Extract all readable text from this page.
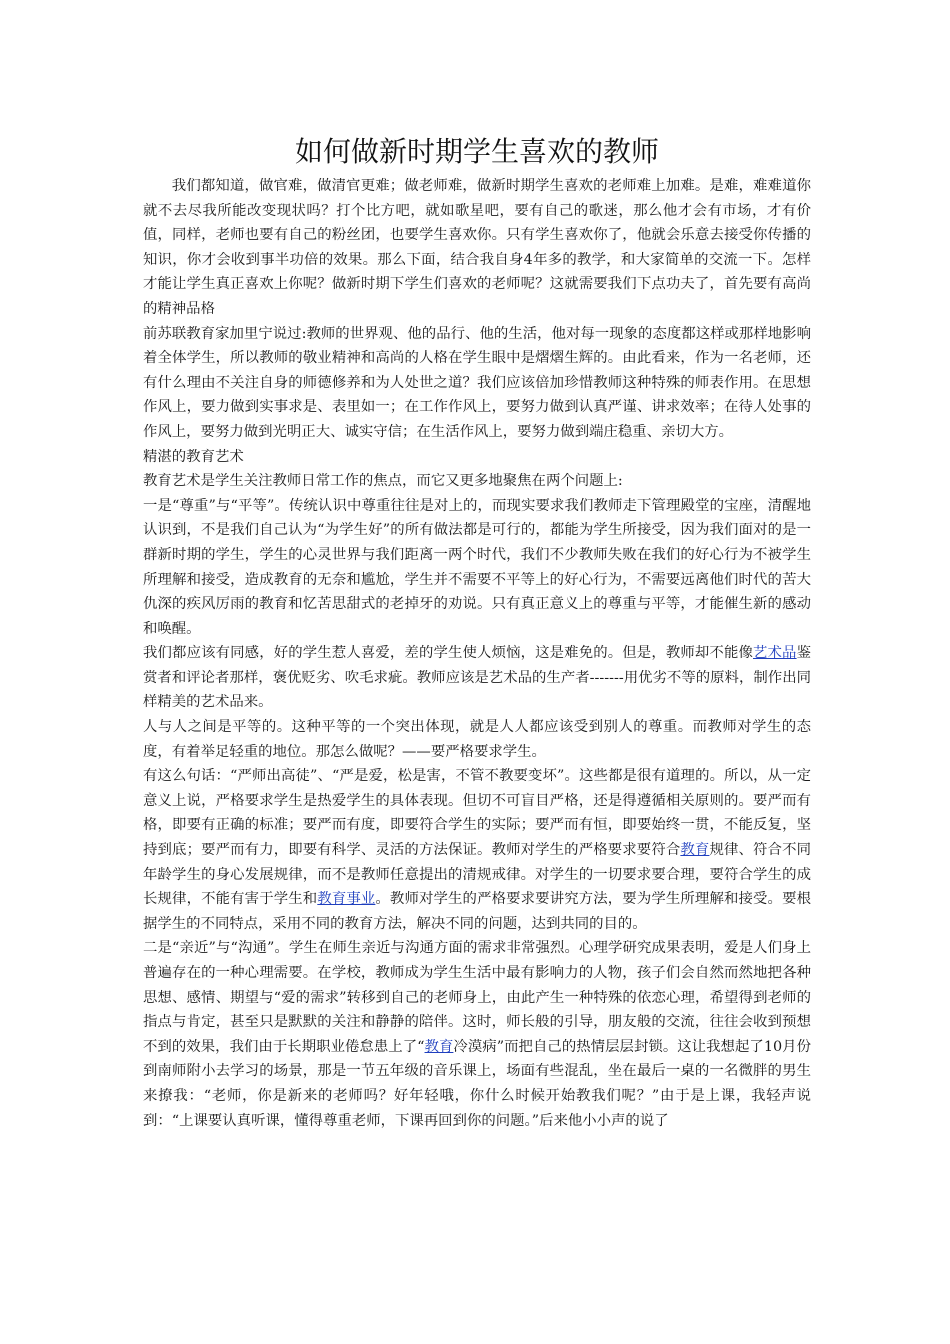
如何做新时期学生喜欢的教师

我们都知道，做官难，做清官更难；做老师难，做新时期学生喜欢的老师难上加难。是难，难难道你就不去尽我所能改变现状吗？打个比方吧，就如歌星吧，要有自己的歌迷，那么他才会有市场，才有价值，同样，老师也要有自己的粉丝团，也要学生喜欢你。只有学生喜欢你了，他就会乐意去接受你传播的知识，你才会收到事半功倍的效果。那么下面，结合我自身4年多的教学，和大家简单的交流一下。怎样才能让学生真正喜欢上你呢？做新时期下学生们喜欢的老师呢？这就需要我们下点功夫了，首先要有高尚的精神品格

前苏联教育家加里宁说过:教师的世界观、他的品行、他的生活，他对每一现象的态度都这样或那样地影响着全体学生，所以教师的敬业精神和高尚的人格在学生眼中是熠熠生辉的。由此看来，作为一名老师，还有什么理由不关注自身的师德修养和为人处世之道？我们应该倍加珍惜教师这种特殊的师表作用。在思想作风上，要力做到实事求是、表里如一；在工作作风上，要努力做到认真严谨、讲求效率；在待人处事的作风上，要努力做到光明正大、诚实守信；在生活作风上，要努力做到端庄稳重、亲切大方。

精湛的教育艺术

教育艺术是学生关注教师日常工作的焦点，而它又更多地聚焦在两个问题上:

一是“尊重”与“平等”。传统认识中尊重往往是对上的，而现实要求我们教师走下管理殿堂的宝座，清醒地认识到，不是我们自己认为“为学生好”的所有做法都是可行的，都能为学生所接受，因为我们面对的是一群新时期的学生，学生的心灵世界与我们距离一两个时代，我们不少教师失败在我们的好心行为不被学生所理解和接受，造成教育的无奈和尴尬，学生并不需要不平等上的好心行为，不需要远离他们时代的苦大仇深的疾风厉雨的教育和忆苦思甜式的老掉牙的劝说。只有真正意义上的尊重与平等，才能催生新的感动和唤醒。

我们都应该有同感，好的学生惹人喜爱，差的学生使人烦恼，这是难免的。但是，教师却不能像艺术品鉴赏者和评论者那样，褒优贬劣、吹毛求疵。教师应该是艺术品的生产者-------用优劣不等的原料，制作出同样精美的艺术品来。

人与人之间是平等的。这种平等的一个突出体现，就是人人都应该受到别人的尊重。而教师对学生的态度，有着举足轻重的地位。那怎么做呢？——要严格要求学生。

有这么句话：“严师出高徒”、“严是爱，松是害，不管不教要变坏”。这些都是很有道理的。所以，从一定意义上说，严格要求学生是热爱学生的具体表现。但切不可盲目严格，还是得遵循相关原则的。要严而有格，即要有正确的标准；要严而有度，即要符合学生的实际；要严而有恒，即要始终一贯，不能反复，坚持到底；要严而有力，即要有科学、灵活的方法保证。教师对学生的严格要求要符合教育规律、符合不同年龄学生的身心发展规律，而不是教师任意提出的清规戒律。对学生的一切要求要合理，要符合学生的成长规律，不能有害于学生和教育事业。教师对学生的严格要求要讲究方法，要为学生所理解和接受。要根据学生的不同特点，采用不同的教育方法，解决不同的问题，达到共同的目的。

二是“亲近”与“沟通”。学生在师生亲近与沟通方面的需求非常强烈。心理学研究成果表明，爱是人们身上普遍存在的一种心理需要。在学校，教师成为学生生活中最有影响力的人物，孩子们会自然而然地把各种思想、感情、期望与“爱的需求”转移到自己的老师身上，由此产生一种特殊的依恋心理，希望得到老师的指点与肯定，甚至只是默默的关注和静静的陪伴。这时，师长般的引导，朋友般的交流，往往会收到预想不到的效果，我们由于长期职业倦怠患上了“教育冷漠病”而把自己的热情层层封锁。这让我想起了10月份到南师附小去学习的场景，那是一节五年级的音乐课上，场面有些混乱，坐在最后一桌的一名微胖的男生来撩我：“老师，你是新来的老师吗？好年轻哦，你什么时候开始教我们呢？”由于是上课，我轻声说到：“上课要认真听课，懂得尊重老师，下课再回到你的问题。”后来他小小声的说了
